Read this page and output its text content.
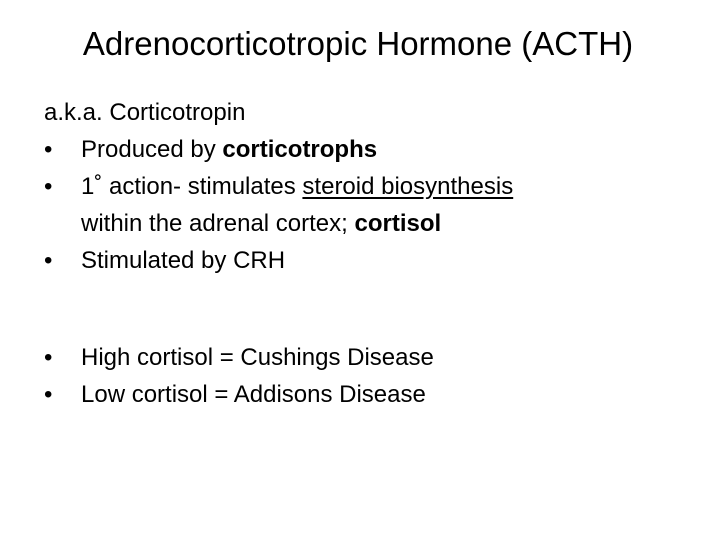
Adrenocorticotropic Hormone (ACTH)
a.k.a. Corticotropin
•	Produced by corticotrophs
•	1˚ action- stimulates steroid biosynthesis
within the adrenal cortex; cortisol
•	Stimulated by CRH
•	High cortisol = Cushings Disease
•	Low cortisol = Addisons Disease
